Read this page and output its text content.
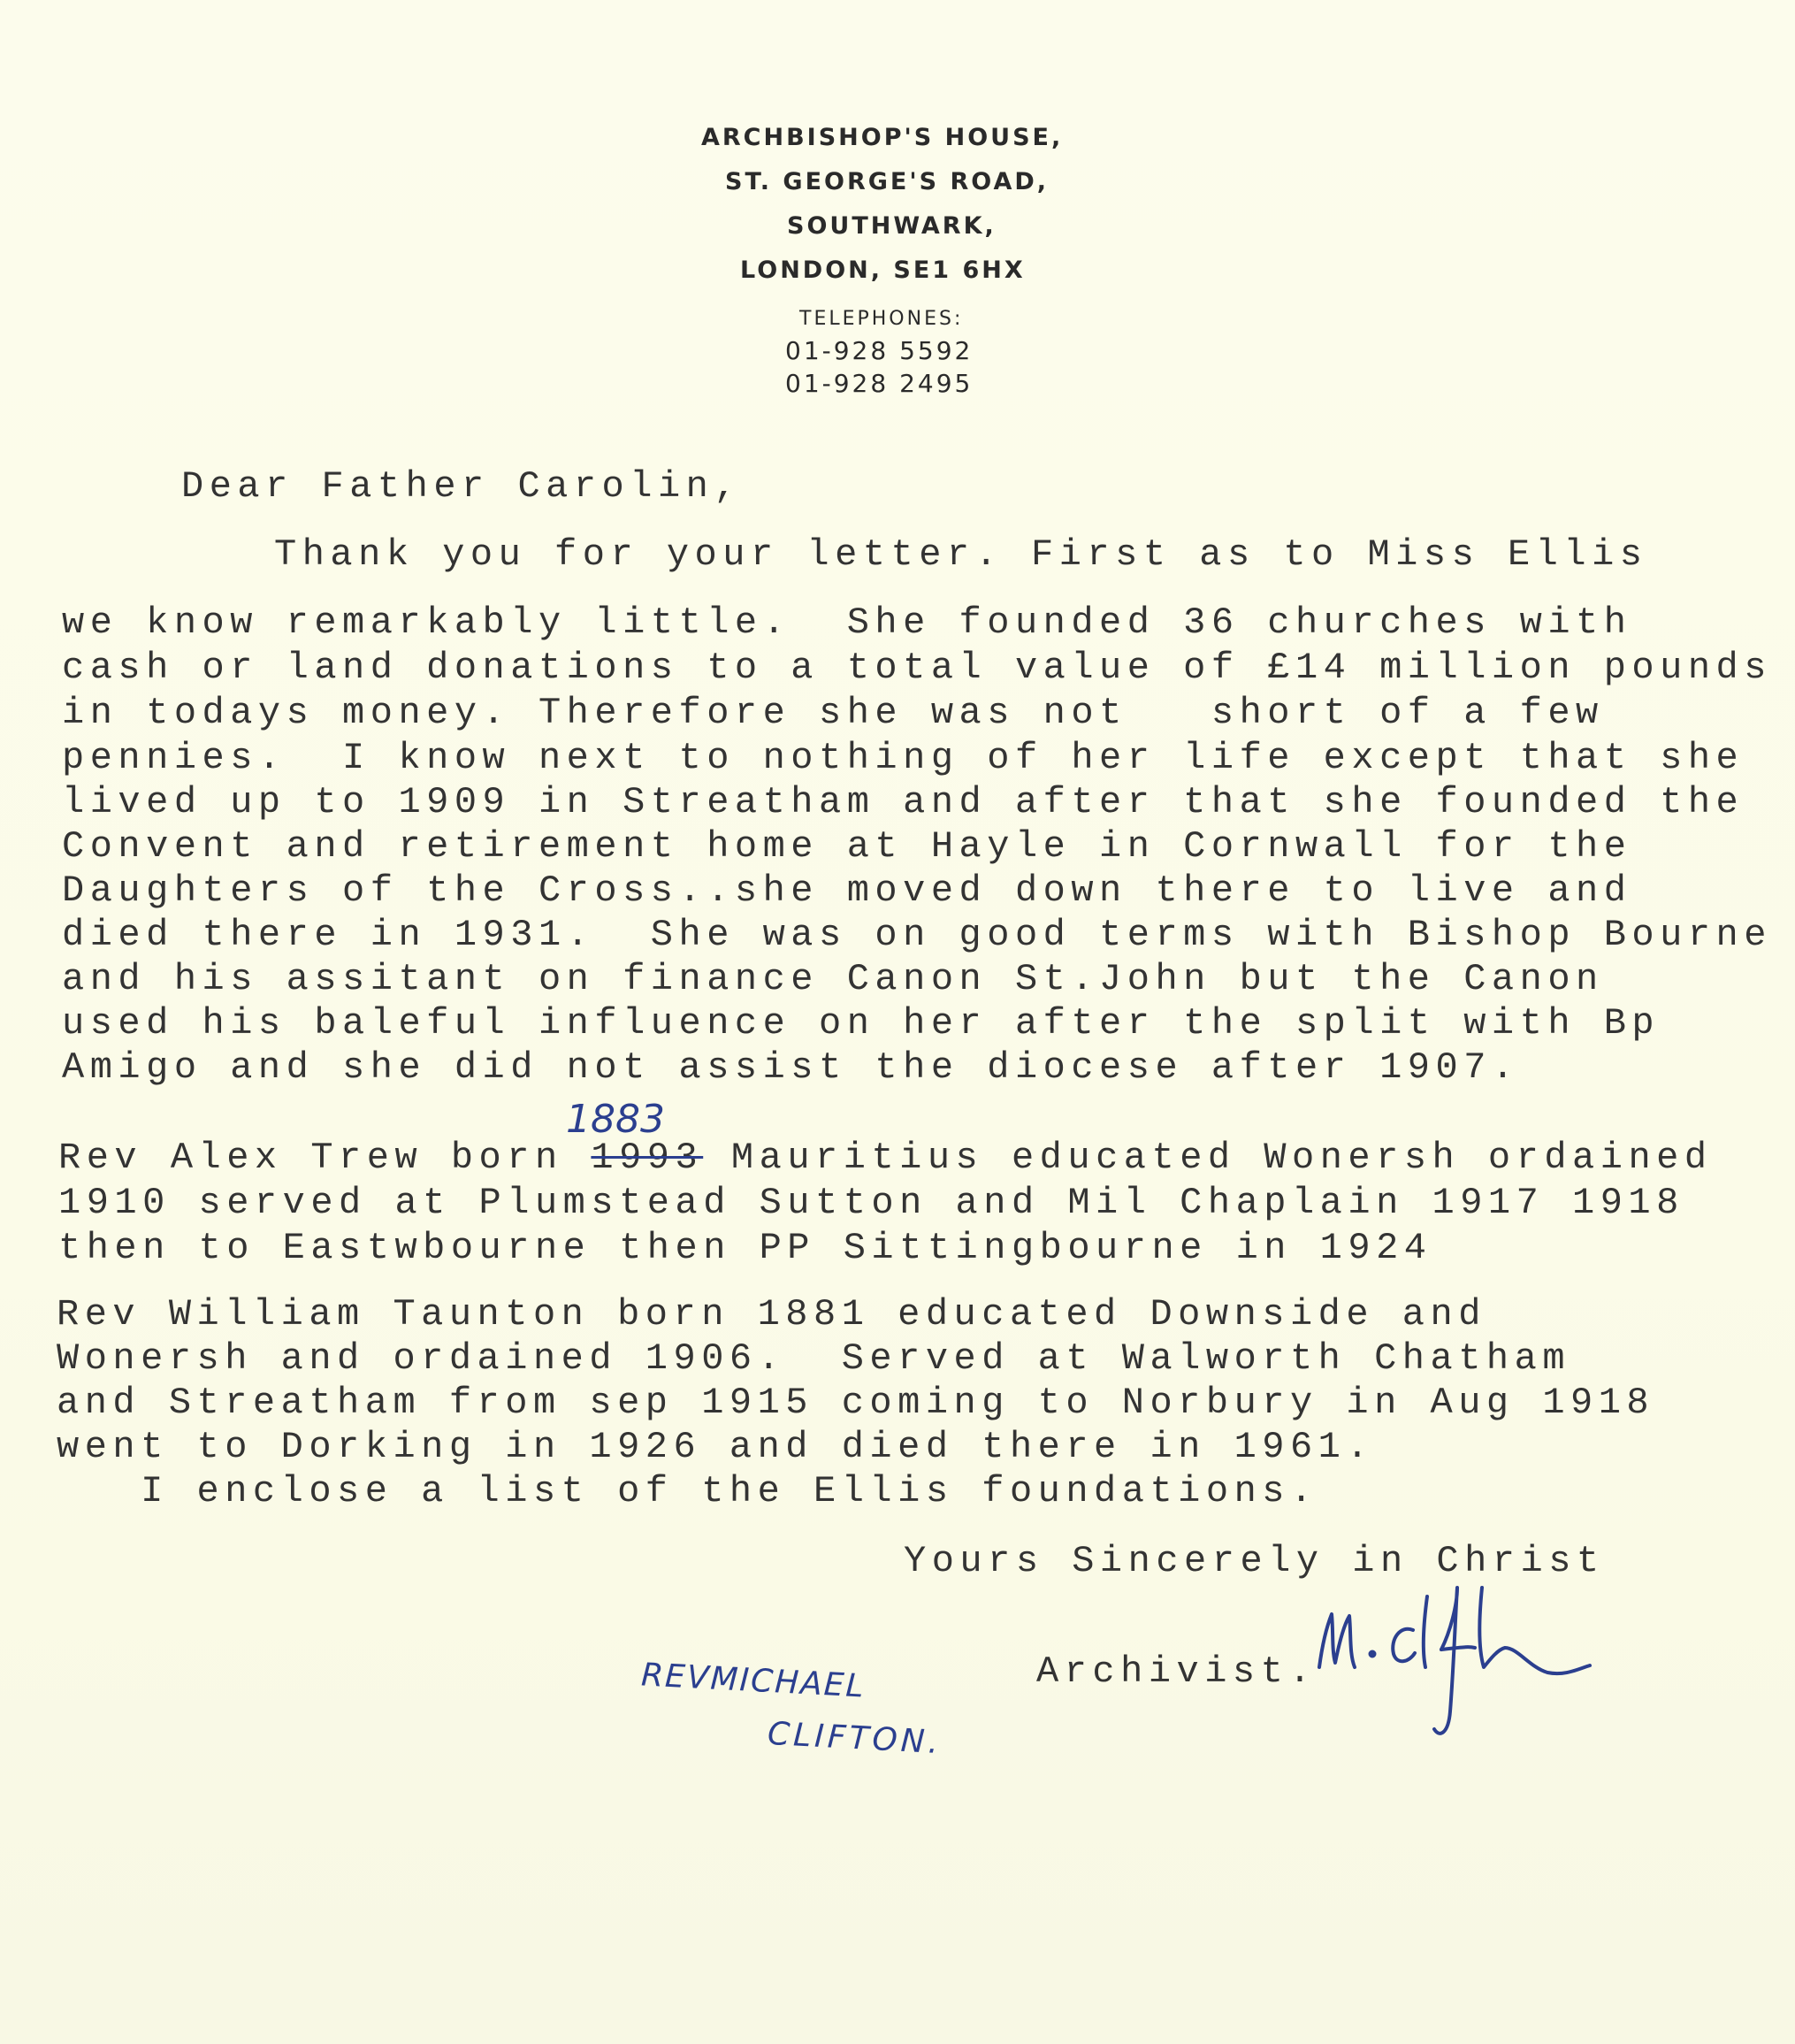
ARCHBISHOP'S HOUSE,
ST. GEORGE'S ROAD,
SOUTHWARK,
LONDON, SE1 6HX
TELEPHONES:
01-928 5592
01-928 2495
Dear Father Carolin,
Thank you for your letter. First as to Miss Ellis
we know remarkably little.  She founded 36 churches with
cash or land donations to a total value of £14 million pounds
in todays money. Therefore she was not   short of a few
pennies.  I know next to nothing of her life except that she
lived up to 1909 in Streatham and after that she founded the
Convent and retirement home at Hayle in Cornwall for the
Daughters of the Cross..she moved down there to live and
died there in 1931.  She was on good terms with Bishop Bourne
and his assitant on finance Canon St.John but the Canon
used his baleful influence on her after the split with Bp
Amigo and she did not assist the diocese after 1907.
1883
Rev Alex Trew born 1993 Mauritius educated Wonersh ordained
1910 served at Plumstead Sutton and Mil Chaplain 1917 1918
then to Eastwbourne then PP Sittingbourne in 1924
Rev William Taunton born 1881 educated Downside and
Wonersh and ordained 1906.  Served at Walworth Chatham
and Streatham from sep 1915 coming to Norbury in Aug 1918
went to Dorking in 1926 and died there in 1961.
I enclose a list of the Ellis foundations.
Yours Sincerely in Christ
Archivist.
REVMICHAEL
CLIFTON.
